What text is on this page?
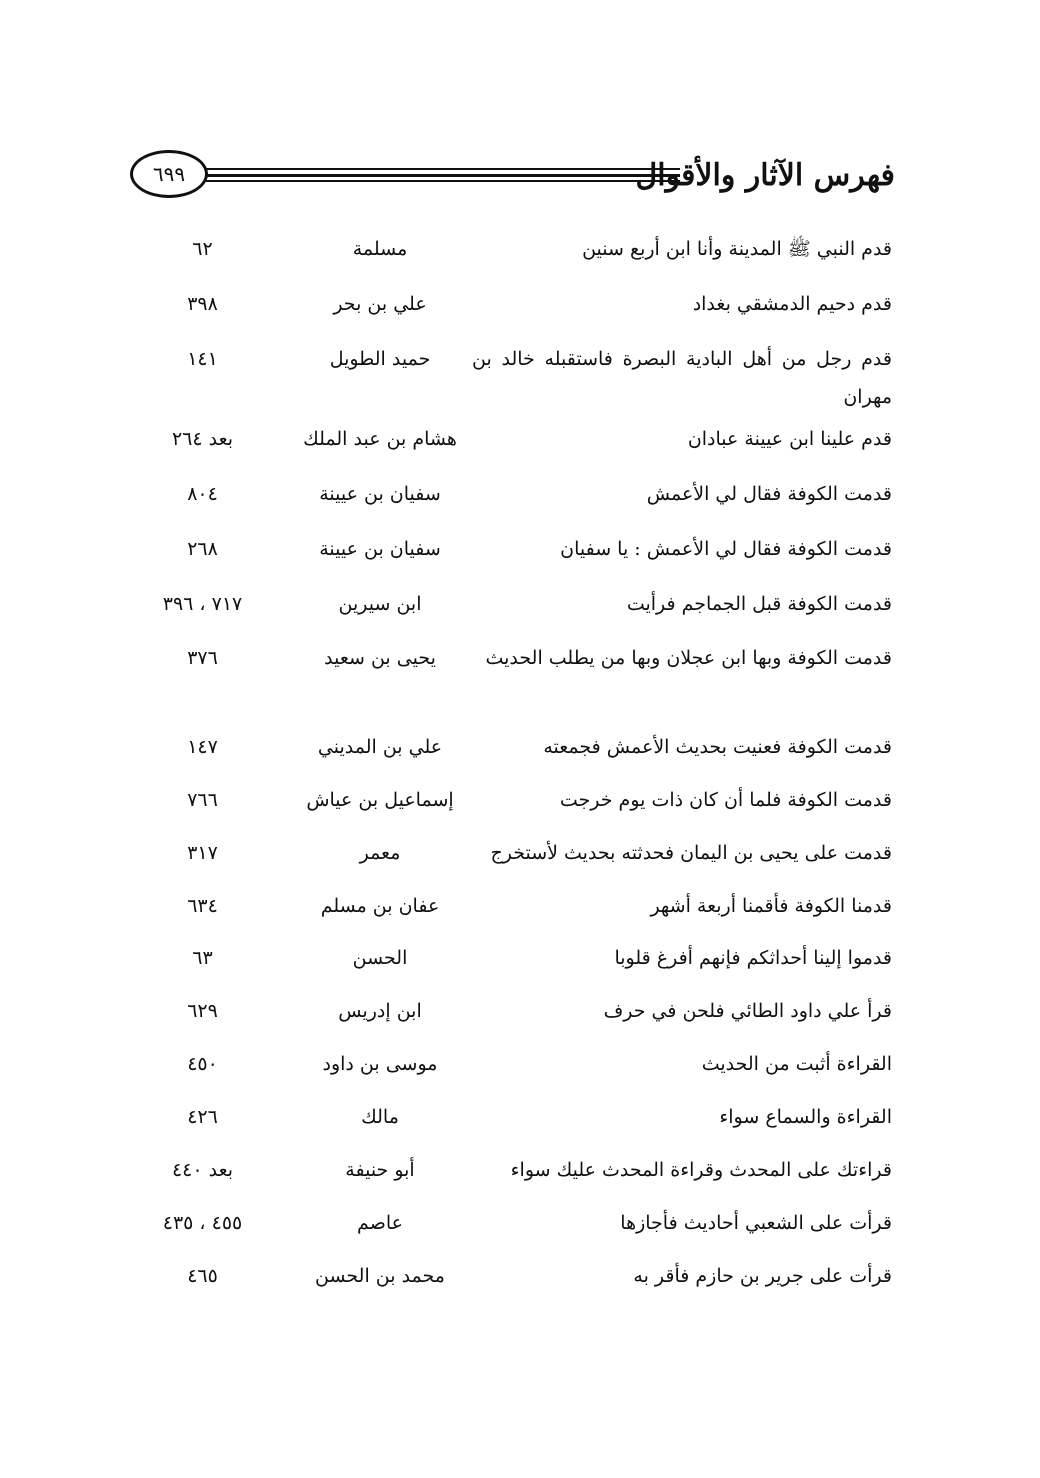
٦٩٩	فهرس الآثار والأقوال
قدم النبي ﷺ المدينة وأنا ابن أربع سنين
مسلمة
٦٢
قدم دحيم الدمشقي بغداد
علي بن بحر
٣٩٨
قدم رجل من أهل البادية البصرة فاستقبله خالد بن مهران
حميد الطويل
١٤١
قدم علينا ابن عيينة عبادان
هشام بن عبد الملك
بعد ٢٦٤
قدمت الكوفة فقال لي الأعمش
سفيان بن عيينة
٨٠٤
قدمت الكوفة فقال لي الأعمش : يا سفيان
سفيان بن عيينة
٢٦٨
قدمت الكوفة قبل الجماجم فرأيت
ابن سيرين
٧١٧ ، ٣٩٦
قدمت الكوفة وبها ابن عجلان وبها من يطلب الحديث
يحيى بن سعيد
٣٧٦
قدمت الكوفة فعنيت بحديث الأعمش فجمعته
علي بن المديني
١٤٧
قدمت الكوفة فلما أن كان ذات يوم خرجت
إسماعيل بن عياش
٧٦٦
قدمت على يحيى بن اليمان فحدثته بحديث لأستخرج
معمر
٣١٧
قدمنا الكوفة فأقمنا أربعة أشهر
عفان بن مسلم
٦٣٤
قدموا إلينا أحداثكم فإنهم أفرغ قلوبا
الحسن
٦٣
قرأ علي داود الطائي فلحن في حرف
ابن إدريس
٦٢٩
القراءة أثبت من الحديث
موسى بن داود
٤٥٠
القراءة والسماع سواء
مالك
٤٢٦
قراءتك على المحدث وقراءة المحدث عليك سواء
أبو حنيفة
بعد ٤٤٠
قرأت على الشعبي أحاديث فأجازها
عاصم
٤٥٥ ، ٤٣٥
قرأت على جرير بن حازم فأقر به
محمد بن الحسن
٤٦٥
